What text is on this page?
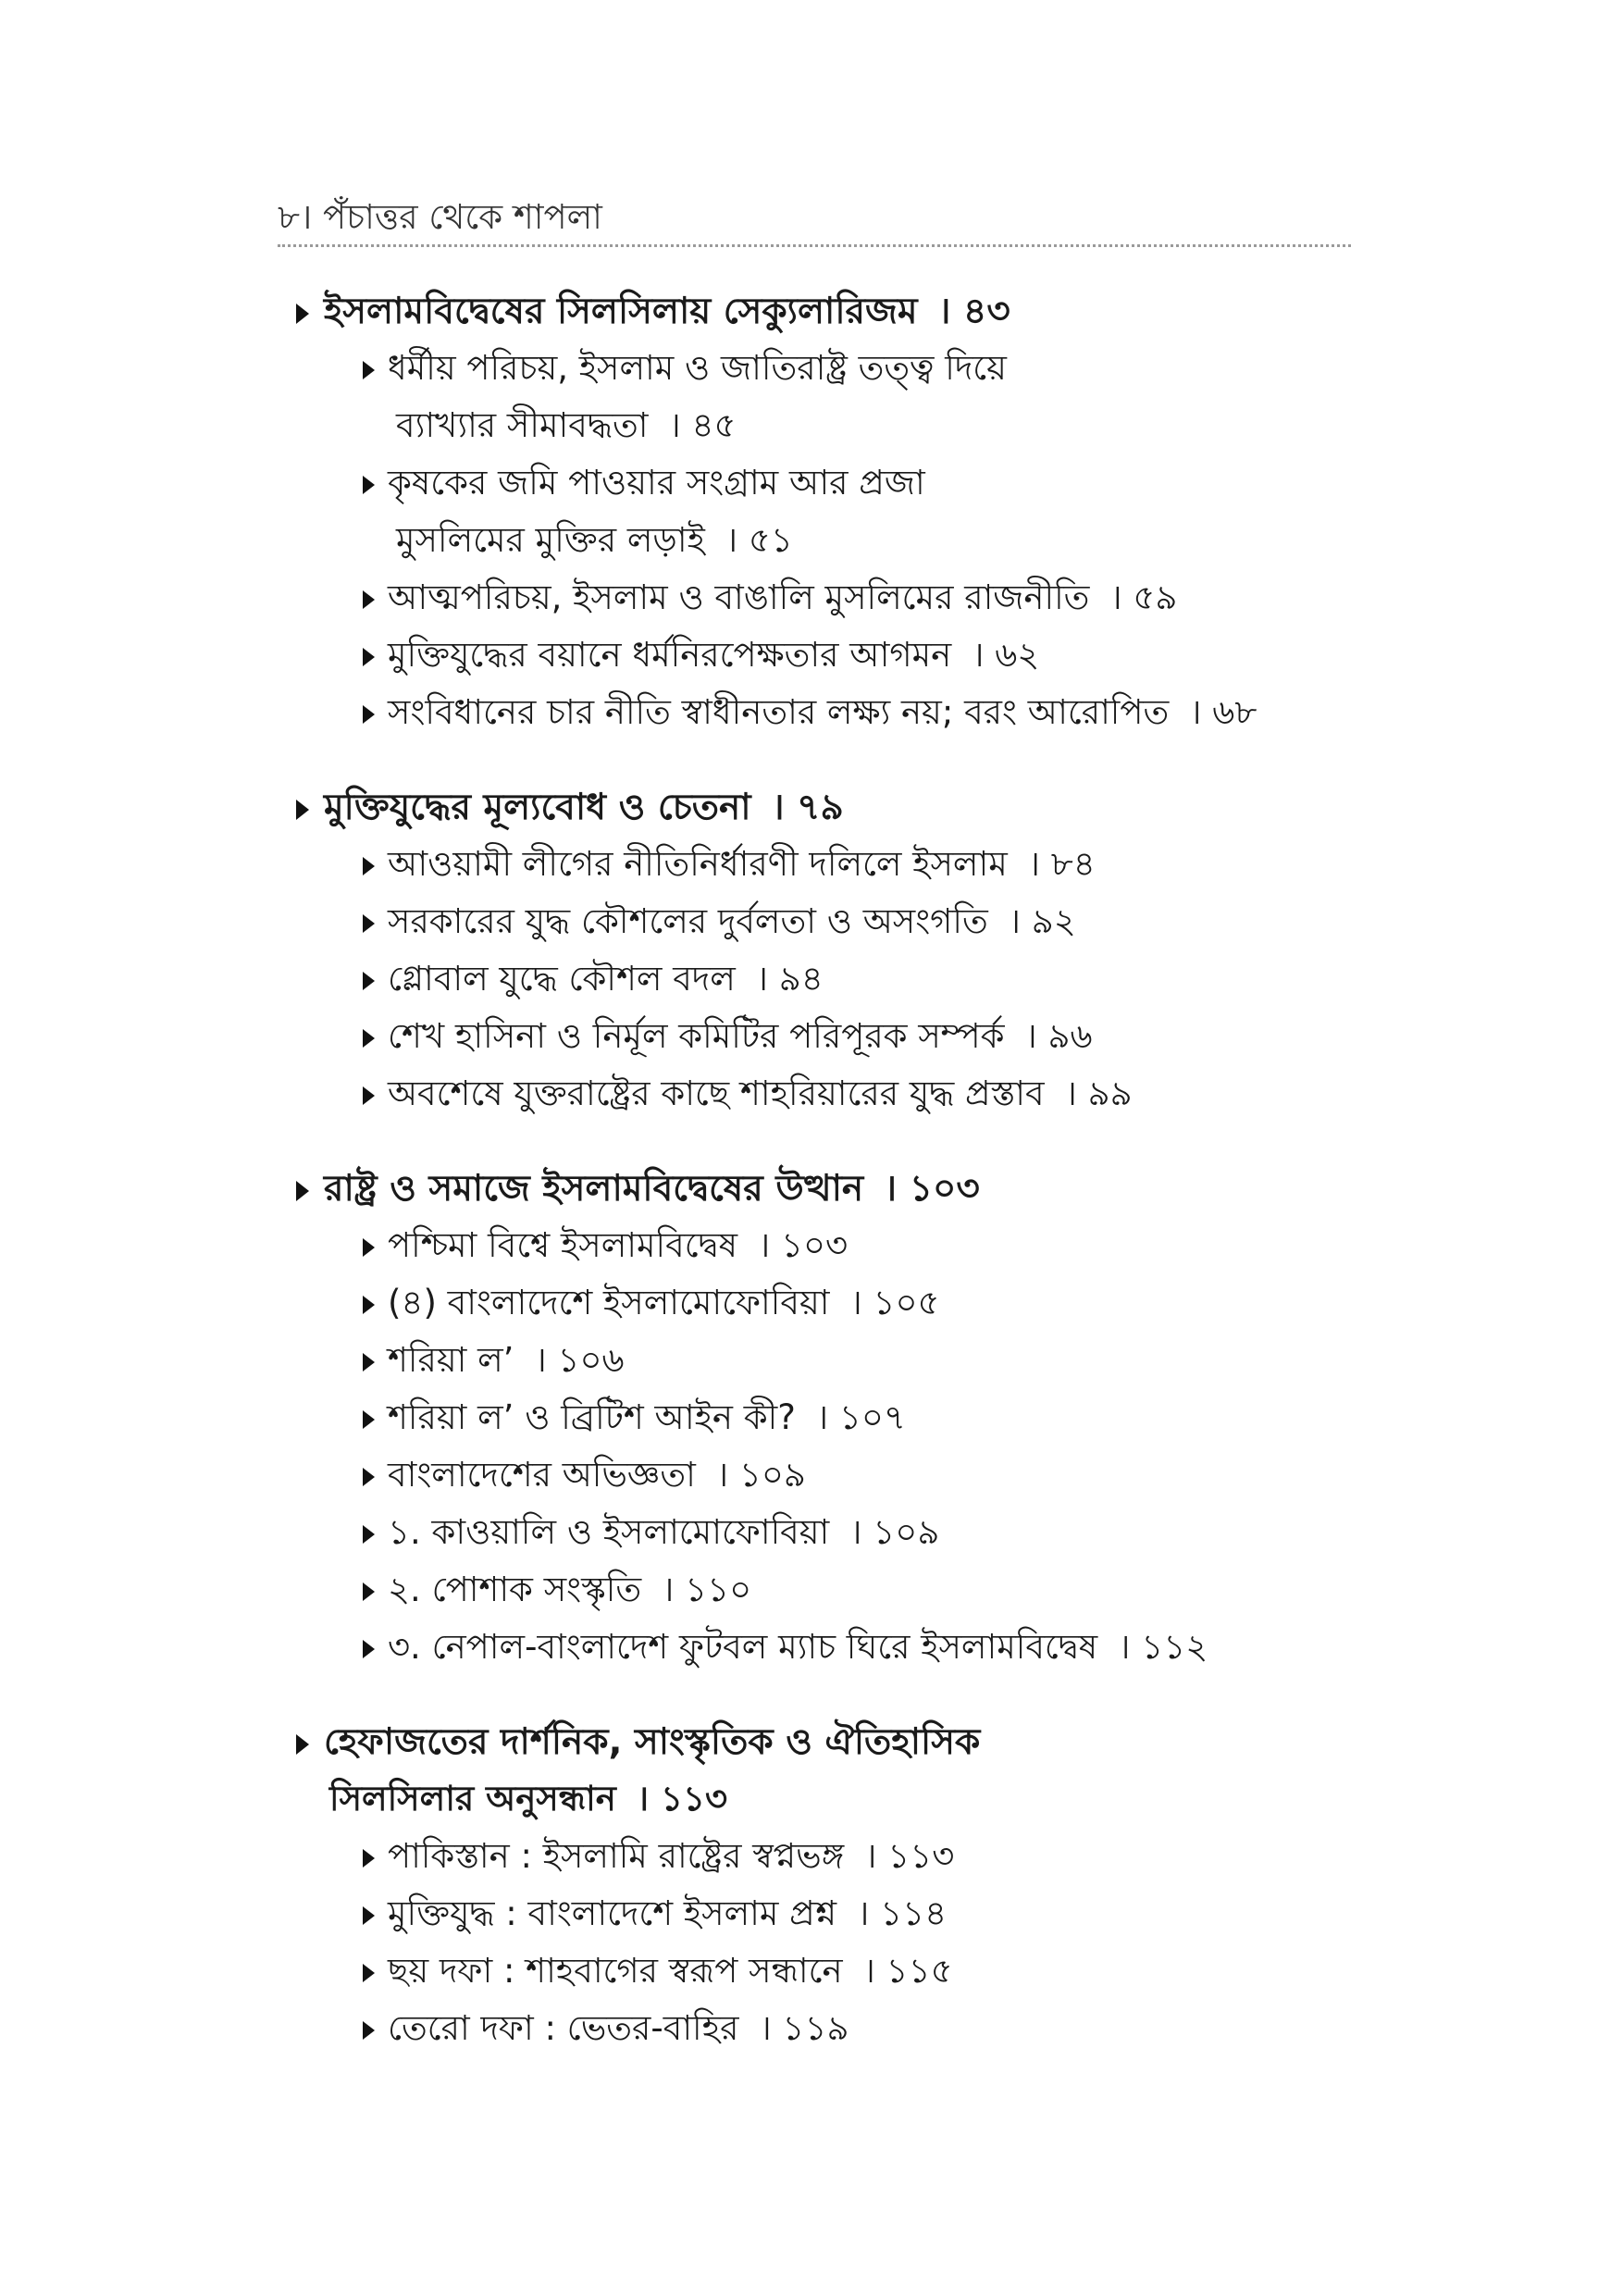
৮। পঁচাত্তর থেকে শাপলা
ইসলামবিদ্বেষের সিলসিলায় সেক্যুলারিজম । ৪৩
ধর্মীয় পরিচয়, ইসলাম ও জাতিরাষ্ট্র তত্ত্ব দিয়ে
ব্যাখ্যার সীমাবদ্ধতা । ৪৫
কৃষকের জমি পাওয়ার সংগ্রাম আর প্রজা
মুসলিমের মুক্তির লড়াই । ৫১
আত্মপরিচয়, ইসলাম ও বাঙালি মুসলিমের রাজনীতি । ৫৯
মুক্তিযুদ্ধের বয়ানে ধর্মনিরপেক্ষতার আগমন । ৬২
সংবিধানের চার নীতি স্বাধীনতার লক্ষ্য নয়; বরং আরোপিত । ৬৮
মুক্তিযুদ্ধের মূল্যবোধ ও চেতনা । ৭৯
আওয়ামী লীগের নীতিনির্ধারণী দলিলে ইসলাম । ৮৪
সরকারের যুদ্ধ কৌশলের দুর্বলতা ও অসংগতি । ৯২
গ্লোবাল যুদ্ধে কৌশল বদল । ৯৪
শেখ হাসিনা ও নির্মূল কমিটির পরিপূরক সম্পর্ক । ৯৬
অবশেষে যুক্তরাষ্ট্রের কাছে শাহরিয়ারের যুদ্ধ প্রস্তাব । ৯৯
রাষ্ট্র ও সমাজে ইসলামবিদ্বেষের উত্থান । ১০৩
পশ্চিমা বিশ্বে ইসলামবিদ্বেষ । ১০৩
(৪) বাংলাদেশে ইসলামোফোবিয়া । ১০৫
শরিয়া ল’ । ১০৬
শরিয়া ল’ ও ব্রিটিশ আইন কী? । ১০৭
বাংলাদেশের অভিজ্ঞতা । ১০৯
১. কাওয়ালি ও ইসলামোফোবিয়া । ১০৯
২. পোশাক সংস্কৃতি । ১১০
৩. নেপাল-বাংলাদেশ ফুটবল ম্যাচ ঘিরে ইসলামবিদ্বেষ । ১১২
হেফাজতের দার্শনিক, সাংস্কৃতিক ও ঐতিহাসিক
সিলসিলার অনুসন্ধান । ১১৩
পাকিস্তান : ইসলামি রাষ্ট্রের স্বপ্নভঙ্গ । ১১৩
মুক্তিযুদ্ধ : বাংলাদেশে ইসলাম প্রশ্ন । ১১৪
ছয় দফা : শাহবাগের স্বরূপ সন্ধানে । ১১৫
তেরো দফা : ভেতর-বাহির । ১১৯
